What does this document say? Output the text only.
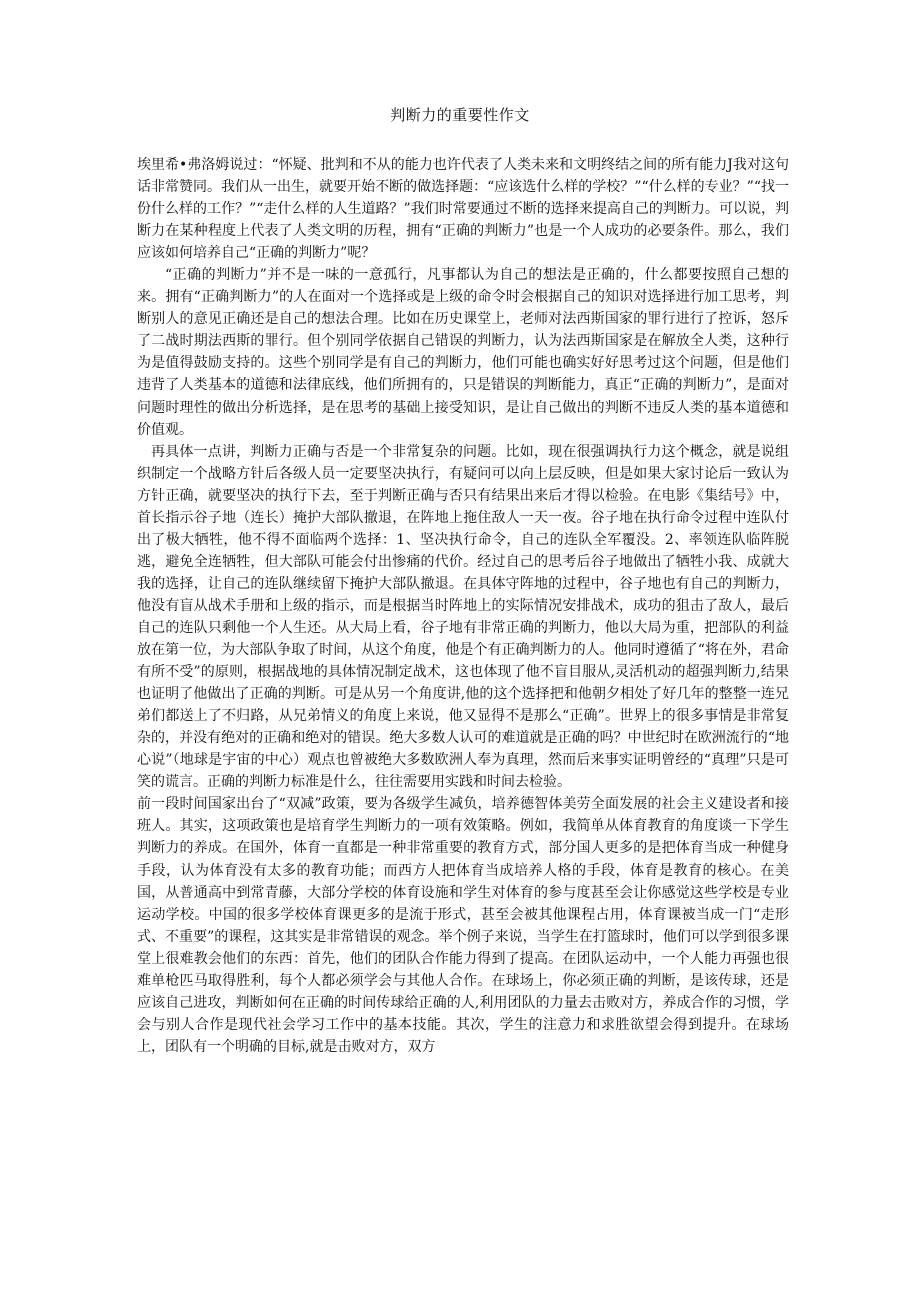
判断力的重要性作文

埃里希•弗洛姆说过：“怀疑、批判和不从的能力也许代表了人类未来和文明终结之间的所有能力J我对这句话非常赞同。我们从一出生，就要开始不断的做选择题：“应该选什么样的学校？”“什么样的专业？”“找一份什么样的工作？”“走什么样的人生道路？”我们时常要通过不断的选择来提高自己的判断力。可以说，判断力在某种程度上代表了人类文明的历程，拥有“正确的判断力”也是一个人成功的必要条件。那么，我们应该如何培养自己“正确的判断力”呢？

“正确的判断力”并不是一味的一意孤行，凡事都认为自己的想法是正确的，什么都要按照自己想的来。拥有“正确判断力”的人在面对一个选择或是上级的命令时会根据自己的知识对选择进行加工思考，判断别人的意见正确还是自己的想法合理。比如在历史课堂上，老师对法西斯国家的罪行进行了控诉，怒斥了二战时期法西斯的罪行。但个别同学依据自己错误的判断力，认为法西斯国家是在解放全人类，这种行为是值得鼓励支持的。这些个别同学是有自己的判断力，他们可能也确实好好思考过这个问题，但是他们违背了人类基本的道德和法律底线，他们所拥有的，只是错误的判断能力，真正“正确的判断力”，是面对问题时理性的做出分析选择，是在思考的基础上接受知识，是让自己做出的判断不违反人类的基本道德和价值观。

再具体一点讲，判断力正确与否是一个非常复杂的问题。比如，现在很强调执行力这个概念，就是说组织制定一个战略方针后各级人员一定要坚决执行，有疑问可以向上层反映，但是如果大家讨论后一致认为方针正确，就要坚决的执行下去，至于判断正确与否只有结果出来后才得以检验。在电影《集结号》中，首长指示谷子地（连长）掩护大部队撤退，在阵地上拖住敌人一天一夜。谷子地在执行命令过程中连队付出了极大牺牲，他不得不面临两个选择：1、坚决执行命令，自己的连队全军覆没。2、率领连队临阵脱逃，避免全连牺牲，但大部队可能会付出惨痛的代价。经过自己的思考后谷子地做出了牺牲小我、成就大我的选择，让自己的连队继续留下掩护大部队撤退。在具体守阵地的过程中，谷子地也有自己的判断力，他没有盲从战术手册和上级的指示，而是根据当时阵地上的实际情况安排战术，成功的狙击了敌人，最后自己的连队只剩他一个人生还。从大局上看，谷子地有非常正确的判断力，他以大局为重，把部队的利益放在第一位，为大部队争取了时间，从这个角度，他是个有正确判断力的人。他同时遵循了“将在外，君命有所不受”的原则，根据战地的具体情况制定战术，这也体现了他不盲目服从,灵活机动的超强判断力,结果也证明了他做出了正确的判断。可是从另一个角度讲,他的这个选择把和他朝夕相处了好几年的整整一连兄弟们都送上了不归路，从兄弟情义的角度上来说，他又显得不是那么“正确”。世界上的很多事情是非常复杂的，并没有绝对的正确和绝对的错误。绝大多数人认可的难道就是正确的吗？中世纪时在欧洲流行的“地心说”（地球是宇宙的中心）观点也曾被绝大多数欧洲人奉为真理，然而后来事实证明曾经的“真理”只是可笑的谎言。正确的判断力标准是什么，往往需要用实践和时间去检验。

前一段时间国家出台了“双减”政策，要为各级学生减负，培养德智体美劳全面发展的社会主义建设者和接班人。其实，这项政策也是培育学生判断力的一项有效策略。例如，我简单从体育教育的角度谈一下学生判断力的养成。在国外，体育一直都是一种非常重要的教育方式，部分国人更多的是把体育当成一种健身手段，认为体育没有太多的教育功能；而西方人把体育当成培养人格的手段，体育是教育的核心。在美国，从普通高中到常青藤，大部分学校的体育设施和学生对体育的参与度甚至会让你感觉这些学校是专业运动学校。中国的很多学校体育课更多的是流于形式，甚至会被其他课程占用，体育课被当成一门“走形式、不重要”的课程，这其实是非常错误的观念。举个例子来说，当学生在打篮球时，他们可以学到很多课堂上很难教会他们的东西：首先，他们的团队合作能力得到了提高。在团队运动中，一个人能力再强也很难单枪匹马取得胜利，每个人都必须学会与其他人合作。在球场上，你必须正确的判断，是该传球，还是应该自己进攻，判断如何在正确的时间传球给正确的人,利用团队的力量去击败对方，养成合作的习惯，学会与别人合作是现代社会学习工作中的基本技能。其次，学生的注意力和求胜欲望会得到提升。在球场上，团队有一个明确的目标,就是击败对方，双方
